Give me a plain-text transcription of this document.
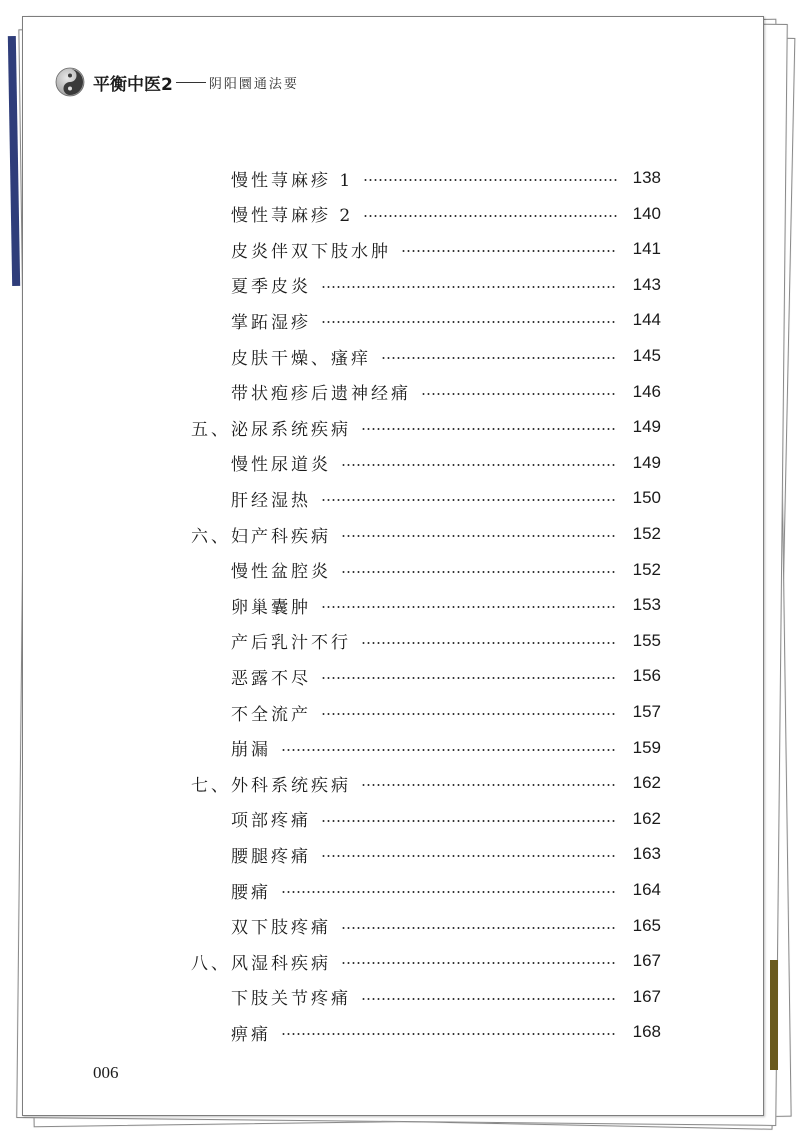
平衡中医2	阴阳圜通法要
慢性荨麻疹 1	138
慢性荨麻疹 2	140
皮炎伴双下肢水肿	141
夏季皮炎	143
掌跖湿疹	144
皮肤干燥、瘙痒	145
带状疱疹后遗神经痛	146
五、泌尿系统疾病	149
慢性尿道炎	149
肝经湿热	150
六、妇产科疾病	152
慢性盆腔炎	152
卵巢囊肿	153
产后乳汁不行	155
恶露不尽	156
不全流产	157
崩漏	159
七、外科系统疾病	162
项部疼痛	162
腰腿疼痛	163
腰痛	164
双下肢疼痛	165
八、风湿科疾病	167
下肢关节疼痛	167
痹痛	168
006
